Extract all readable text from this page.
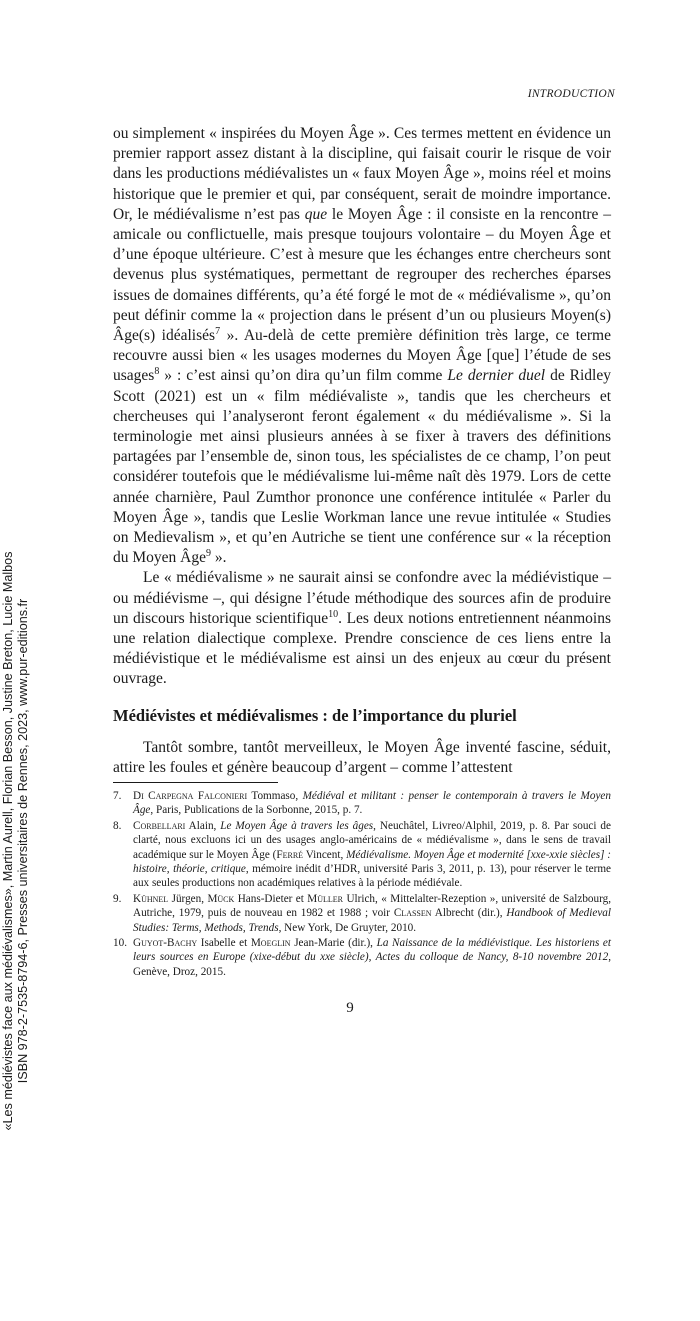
INTRODUCTION

ou simplement « inspirées du Moyen Âge ». Ces termes mettent en évidence un premier rapport assez distant à la discipline, qui faisait courir le risque de voir dans les productions médiévalistes un « faux Moyen Âge », moins réel et moins historique que le premier et qui, par conséquent, serait de moindre importance. Or, le médiévalisme n’est pas que le Moyen Âge : il consiste en la rencontre – amicale ou conflictuelle, mais presque toujours volontaire – du Moyen Âge et d’une époque ultérieure. C’est à mesure que les échanges entre chercheurs sont devenus plus systématiques, permettant de regrouper des recherches éparses issues de domaines différents, qu’a été forgé le mot de « médiévalisme », qu’on peut définir comme la « projection dans le présent d’un ou plusieurs Moyen(s) Âge(s) idéalisés$^7$ ». Au-delà de cette première définition très large, ce terme recouvre aussi bien « les usages modernes du Moyen Âge [que] l’étude de ses usages$^8$ » : c’est ainsi qu’on dira qu’un film comme Le dernier duel de Ridley Scott (2021) est un « film médiévaliste », tandis que les chercheurs et chercheuses qui l’analyseront feront également « du médiévalisme ». Si la terminologie met ainsi plusieurs années à se fixer à travers des définitions partagées par l’ensemble de, sinon tous, les spécialistes de ce champ, l’on peut considérer toutefois que le médiévalisme lui-même naît dès 1979. Lors de cette année charnière, Paul Zumthor prononce une conférence intitulée « Parler du Moyen Âge », tandis que Leslie Workman lance une revue intitulée « Studies on Medievalism », et qu’en Autriche se tient une conférence sur « la réception du Moyen Âge$^9$ ».

Le « médiévalisme » ne saurait ainsi se confondre avec la médiévistique – ou médiévisme –, qui désigne l’étude méthodique des sources afin de produire un discours historique scientifique$^{10}$. Les deux notions entretiennent néanmoins une relation dialectique complexe. Prendre conscience de ces liens entre la médiévistique et le médiévalisme est ainsi un des enjeux au cœur du présent ouvrage.

Médiévistes et médiévalismes : de l’importance du pluriel

Tantôt sombre, tantôt merveilleux, le Moyen Âge inventé fascine, séduit, attire les foules et génère beaucoup d’argent – comme l’attestent

7. Di Carpegna Falconieri Tommaso, Médiéval et militant : penser le contemporain à travers le Moyen Âge, Paris, Publications de la Sorbonne, 2015, p. 7.

8. Corbellari Alain, Le Moyen Âge à travers les âges, Neuchâtel, Livreo/Alphil, 2019, p. 8. Par souci de clarté, nous excluons ici un des usages anglo-américains de « médiévalisme », dans le sens de travail académique sur le Moyen Âge (Ferré Vincent, Médiévalisme. Moyen Âge et modernité [xxe-xxie siècles] : histoire, théorie, critique, mémoire inédit d’HDR, université Paris 3, 2011, p. 13), pour réserver le terme aux seules productions non académiques relatives à la période médiévale.

9. Kühnel Jürgen, Mück Hans-Dieter et Müller Ulrich, « Mittelalter-Rezeption », université de Salzbourg, Autriche, 1979, puis de nouveau en 1982 et 1988 ; voir Classen Albrecht (dir.), Handbook of Medieval Studies: Terms, Methods, Trends, New York, De Gruyter, 2010.

10. Guyot-Bachy Isabelle et Moeglin Jean-Marie (dir.), La Naissance de la médiévistique. Les historiens et leurs sources en Europe (xixe-début du xxe siècle), Actes du colloque de Nancy, 8-10 novembre 2012, Genève, Droz, 2015.

9
«Les médiévistes face aux médiévalismes», Martin Aurell, Florian Besson, Justine Breton, Lucie Malbos ISBN 978-2-7535-8794-6, Presses universitaires de Rennes, 2023, www.pur-editions.fr
